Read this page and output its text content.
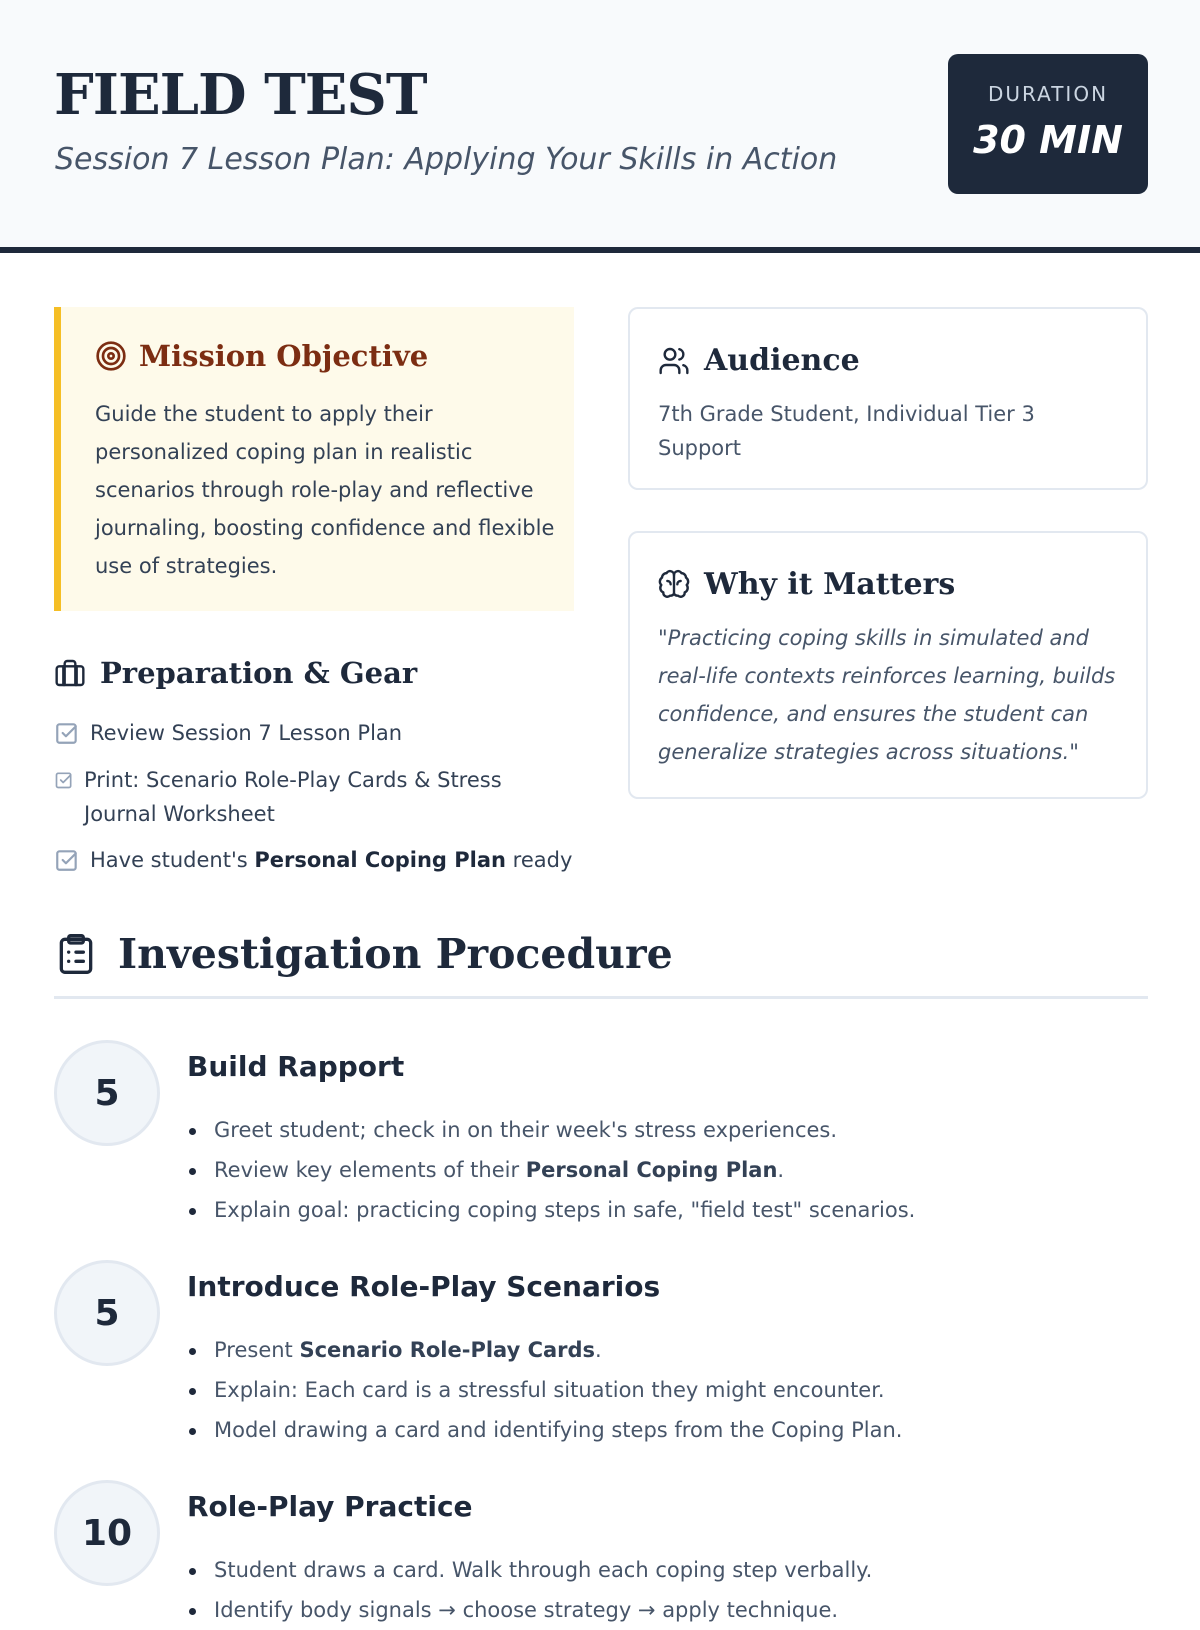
FIELD TEST
Session 7 Lesson Plan: Applying Your Skills in Action
DURATION
30 MIN
Mission Objective

Guide the student to apply their personalized coping plan in realistic scenarios through role-play and reflective journaling, boosting confidence and flexible use of strategies.

Audience

7th Grade Student, Individual Tier 3 Support

Why it Matters

"Practicing coping skills in simulated and real-life contexts reinforces learning, builds confidence, and ensures the student can generalize strategies across situations."

Preparation & Gear
Review Session 7 Lesson Plan
Print: Scenario Role-Play Cards & Stress Journal Worksheet
Have student's Personal Coping Plan ready
Investigation Procedure
5
Build Rapport
Greet student; check in on their week's stress experiences.
Review key elements of their Personal Coping Plan.
Explain goal: practicing coping steps in safe, "field test" scenarios.
5
Introduce Role-Play Scenarios
Present Scenario Role-Play Cards.
Explain: Each card is a stressful situation they might encounter.
Model drawing a card and identifying steps from the Coping Plan.
10
Role-Play Practice
Student draws a card. Walk through each coping step verbally.
Identify body signals → choose strategy → apply technique.
